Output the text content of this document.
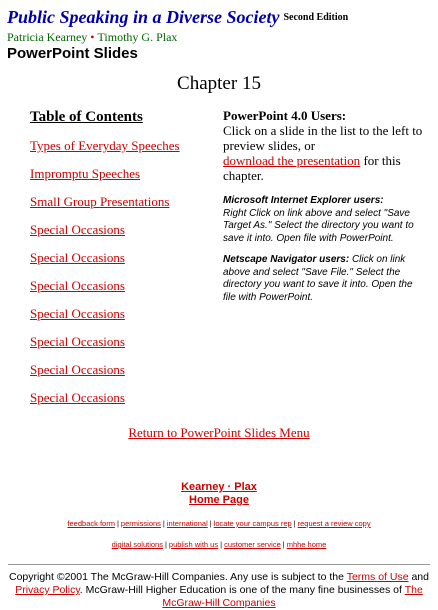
Public Speaking in a Diverse Society Second Edition
Patricia Kearney • Timothy G. Plax
PowerPoint Slides
Chapter 15
Table of Contents
Types of Everyday Speeches
Impromptu Speeches
Small Group Presentations
Special Occasions
Special Occasions
Special Occasions
Special Occasions
Special Occasions
Special Occasions
Special Occasions
PowerPoint 4.0 Users:

Click on a slide in the list to the left to preview slides, or
download the presentation for this chapter.

Microsoft Internet Explorer users:
Right Click on link above and select "Save Target As." Select the directory you want to save it into. Open file with PowerPoint.

Netscape Navigator users: Click on link above and select "Save File." Select the directory you want to save it into. Open the file with PowerPoint.

Return to PowerPoint Slides Menu
Kearney · Plax
Home Page
feedback form | permissions | international | locate your campus rep | request a review copy
digital solutions | publish with us | customer service | mhhe home
Copyright ©2001 The McGraw-Hill Companies. Any use is subject to the Terms of Use and Privacy Policy. McGraw-Hill Higher Education is one of the many fine businesses of The McGraw-Hill Companies
